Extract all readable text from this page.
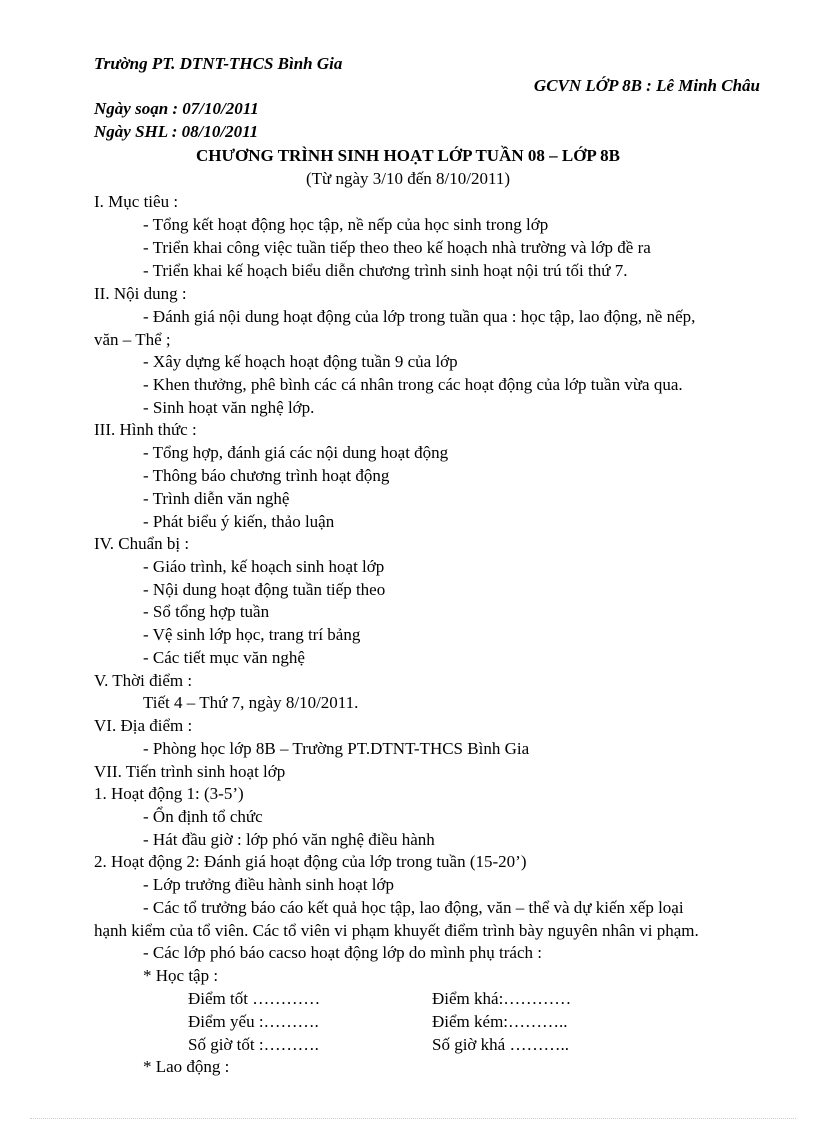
Trường PT. DTNT-THCS Bình Gia
GCVN LỚP 8B : Lê Minh Châu
Ngày soạn : 07/10/2011
Ngày SHL : 08/10/2011
CHƯƠNG TRÌNH SINH HOẠT LỚP TUẦN 08 – LỚP 8B
(Từ ngày 3/10 đến 8/10/2011)
I. Mục tiêu :
- Tổng kết hoạt động học tập, nề nếp của học sinh trong lớp
- Triển khai công việc tuần tiếp theo theo kế hoạch nhà trường và lớp đề ra
- Triển khai kế hoạch biểu diễn chương trình sinh hoạt nội trú tối thứ 7.
II. Nội dung :
- Đánh giá nội dung hoạt động của lớp trong tuần qua : học tập, lao động, nề nếp,
văn – Thể ;
- Xây dựng kế hoạch hoạt động tuần 9 của lớp
- Khen thưởng, phê bình các cá nhân trong các hoạt động của lớp tuần vừa qua.
- Sinh hoạt văn nghệ lớp.
III. Hình thức :
- Tổng hợp, đánh giá các nội dung hoạt động
- Thông báo chương trình hoạt động
- Trình diễn văn nghệ
- Phát biểu ý kiến, thảo luận
IV. Chuẩn bị :
- Giáo trình, kế hoạch sinh hoạt lớp
- Nội dung hoạt động tuần tiếp theo
- Sổ tổng hợp tuần
- Vệ sinh lớp học, trang trí bảng
- Các tiết mục văn nghệ
V. Thời điểm :
Tiết 4 – Thứ 7, ngày 8/10/2011.
VI. Địa điểm :
- Phòng học lớp 8B – Trường PT.DTNT-THCS Bình Gia
VII. Tiến trình sinh hoạt lớp
1. Hoạt động 1: (3-5’)
- Ổn định tổ chức
- Hát đầu giờ : lớp phó văn nghệ điều hành
2. Hoạt động 2: Đánh giá hoạt động của lớp trong tuần (15-20’)
- Lớp trưởng điều hành sinh hoạt lớp
- Các tổ trưởng báo cáo kết quả học tập, lao động, văn – thể và dự kiến xếp loại
hạnh kiểm của tổ viên. Các tổ viên vi phạm khuyết điểm trình bày nguyên nhân vi phạm.
- Các lớp phó báo cacso hoạt động lớp do mình phụ trách :
* Học tập :
Điểm tốt …………	Điểm khá:…………
Điểm yếu :……….	Điểm kém:………..
Số giờ tốt :……….	Số giờ khá ………..
* Lao động :
